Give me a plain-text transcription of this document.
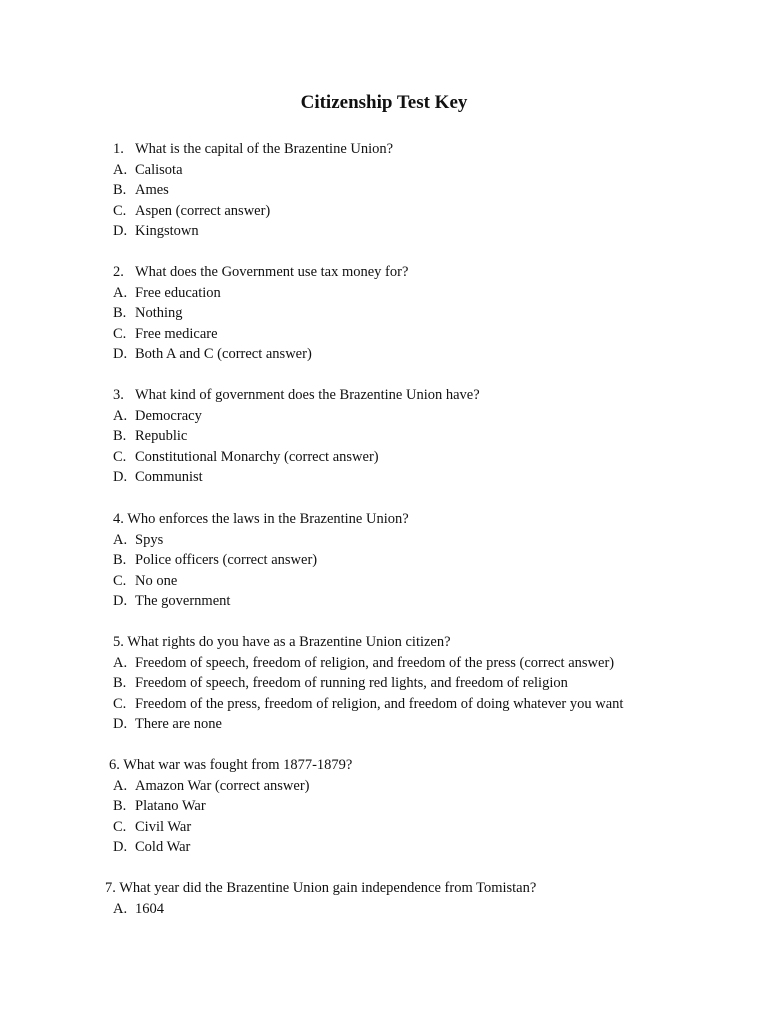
Citizenship Test Key
1. What is the capital of the Brazentine Union?
A. Calisota
B. Ames
C. Aspen (correct answer)
D. Kingstown
2. What does the Government use tax money for?
A. Free education
B. Nothing
C. Free medicare
D. Both A and C (correct answer)
3. What kind of government does the Brazentine Union have?
A. Democracy
B. Republic
C. Constitutional Monarchy (correct answer)
D. Communist
4. Who enforces the laws in the Brazentine Union?
A. Spys
B. Police officers (correct answer)
C. No one
D. The government
5. What rights do you have as a Brazentine Union citizen?
A. Freedom of speech, freedom of religion, and freedom of the press (correct answer)
B. Freedom of speech, freedom of running red lights, and freedom of religion
C. Freedom of the press, freedom of religion, and freedom of doing whatever you want
D. There are none
6. What war was fought from 1877-1879?
A. Amazon War (correct answer)
B. Platano War
C. Civil War
D. Cold War
7. What year did the Brazentine Union gain independence from Tomistan?
A. 1604
